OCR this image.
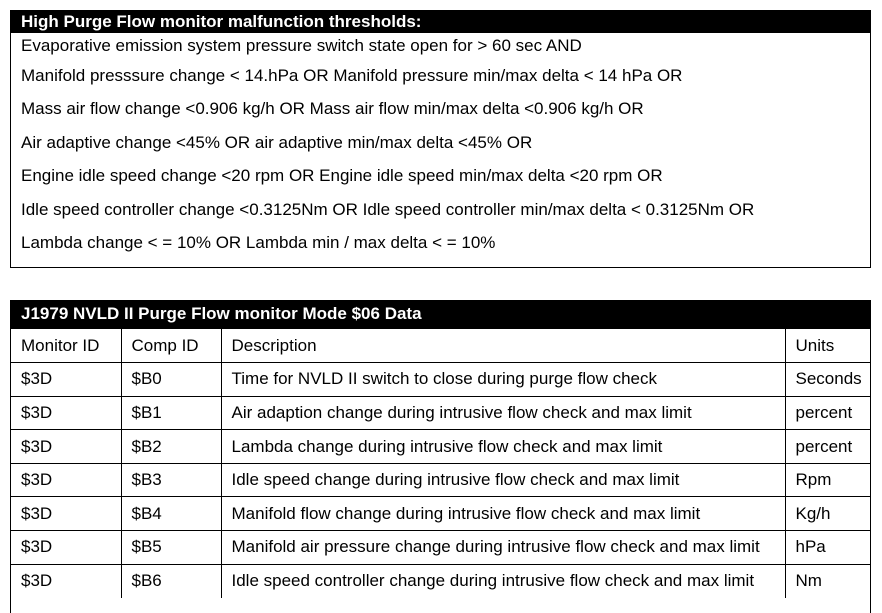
High Purge Flow monitor malfunction thresholds:
Evaporative emission system pressure switch state open for > 60 sec AND
Manifold presssure change < 14.hPa OR Manifold pressure min/max delta < 14 hPa OR
Mass air flow change <0.906 kg/h OR Mass air flow min/max delta <0.906 kg/h OR
Air adaptive change <45% OR air adaptive min/max delta <45% OR
Engine idle speed change <20 rpm OR Engine idle speed min/max delta <20 rpm OR
Idle speed controller change <0.3125Nm OR Idle speed controller min/max delta < 0.3125Nm OR
Lambda change < = 10% OR Lambda min / max delta < = 10%
J1979 NVLD II Purge Flow monitor Mode $06 Data
Monitor ID	Comp ID	Description	Units
$3D	$B0	Time for NVLD II switch to close during purge flow check	Seconds
$3D	$B1	Air adaption change during intrusive flow check and max limit	percent
$3D	$B2	Lambda change during intrusive flow check and max limit	percent
$3D	$B3	Idle speed change during intrusive flow check and max limit	Rpm
$3D	$B4	Manifold flow change during intrusive flow check and max limit	Kg/h
$3D	$B5	Manifold air pressure change during intrusive flow check and max limit	hPa
$3D	$B6	Idle speed controller change during intrusive flow check and max limit	Nm
